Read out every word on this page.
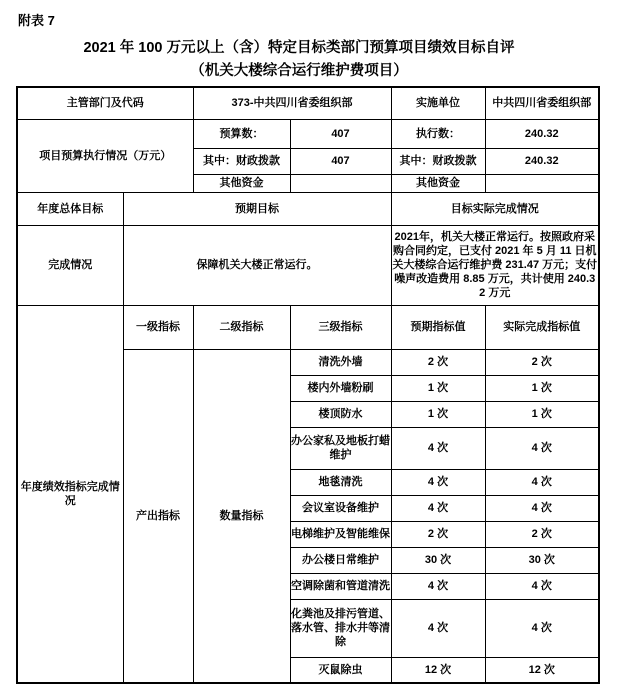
附表 7
2021 年 100 万元以上（含）特定目标类部门预算项目绩效目标自评
（机关大楼综合运行维护费项目）
主管部门及代码		373-中共四川省委组织部		实施单位	中共四川省委组织部
项目预算执行情况（万元）		预算数：	407	执行数：	240.32
		其中：财政拨款	407	其中：财政拨款	240.32
		其他资金		其他资金	
年度总体目标	预期目标			目标实际完成情况	
完成情况	保障机关大楼正常运行。			2021年，机关大楼正常运行。按照政府采购合同约定，已支付 2021 年 5 月 11 日机关大楼综合运行维护费 231.47 万元；支付噪声改造费用 8.85 万元，共计使用 240.32 万元	
年度绩效指标完成情况	一级指标	二级指标	三级指标	预期指标值	实际完成指标值
	产出指标	数量指标	清洗外墙	2 次	2 次
			楼内外墙粉刷	1 次	1 次
			楼顶防水	1 次	1 次
			办公家私及地板打蜡维护	4 次	4 次
			地毯清洗	4 次	4 次
			会议室设备维护	4 次	4 次
			电梯维护及智能维保	2 次	2 次
			办公楼日常维护	30 次	30 次
			空调除菌和管道清洗	4 次	4 次
			化粪池及排污管道、落水管、排水井等清除	4 次	4 次
			灭鼠除虫	12 次	12 次
